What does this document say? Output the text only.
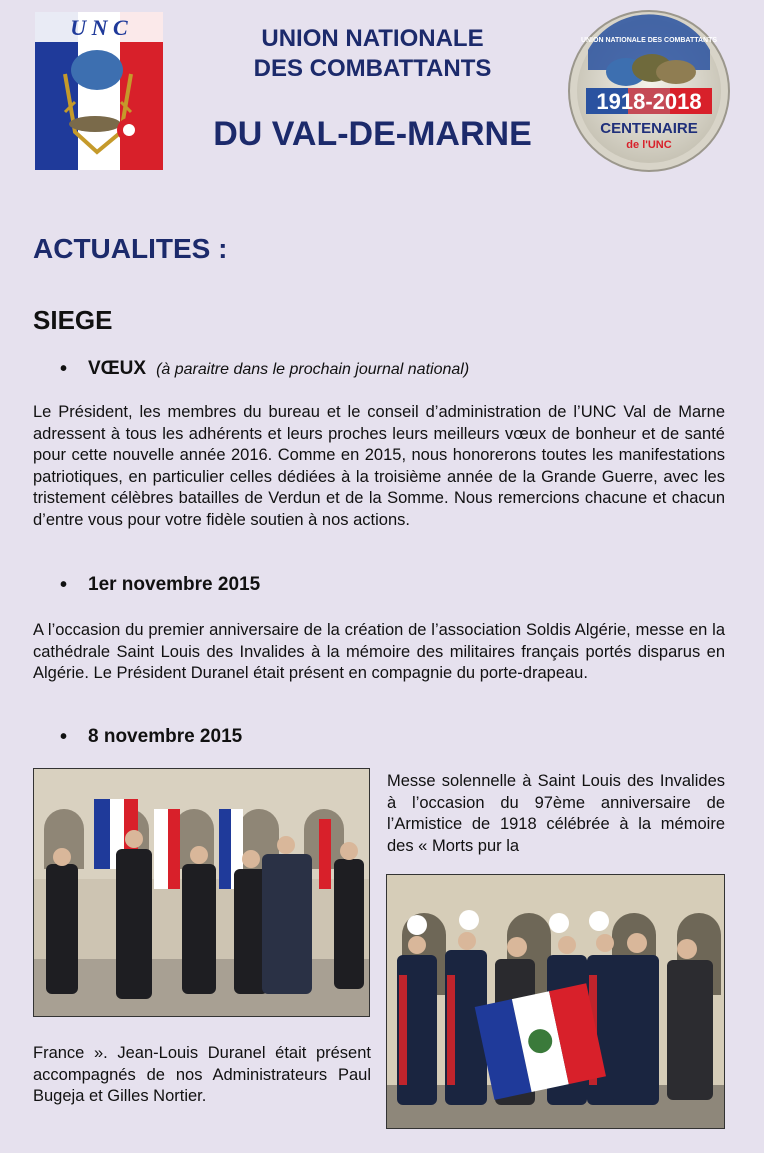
U N C	UNION NATIONALE
DES COMBATTANTS
DU VAL-DE-MARNE
UNION NATIONALE DES COMBATTANTS
1918-2018
CENTENAIRE
de l'UNC
ACTUALITES :
SIEGE
• VŒUX (à paraitre dans le prochain journal national)
Le Président, les membres du bureau et le conseil d’administration de l’UNC Val de Marne adressent à tous les adhérents et leurs proches leurs meilleurs vœux de bonheur et de santé pour cette nouvelle année 2016. Comme en 2015, nous honorerons toutes les manifestations patriotiques, en particulier celles dédiées à la troisième année de la Grande Guerre, avec les tristement célèbres batailles de Verdun et de la Somme. Nous remercions chacune et chacun d’entre vous pour votre fidèle soutien à nos actions.
• 1er novembre 2015
A l’occasion du premier anniversaire de la création de l’association Soldis Algérie, messe en la cathédrale Saint Louis des Invalides à la mémoire des militaires français portés disparus en Algérie. Le Président Duranel était présent en compagnie du porte-drapeau.
• 8 novembre 2015
Messe solennelle à Saint Louis des Invalides à l’occasion du 97ème anniversaire de l’Armistice de 1918 célébrée à la mémoire des « Morts pur la
France ». Jean-Louis Duranel était présent accompagnés de nos Administrateurs Paul Bugeja et Gilles Nortier.
